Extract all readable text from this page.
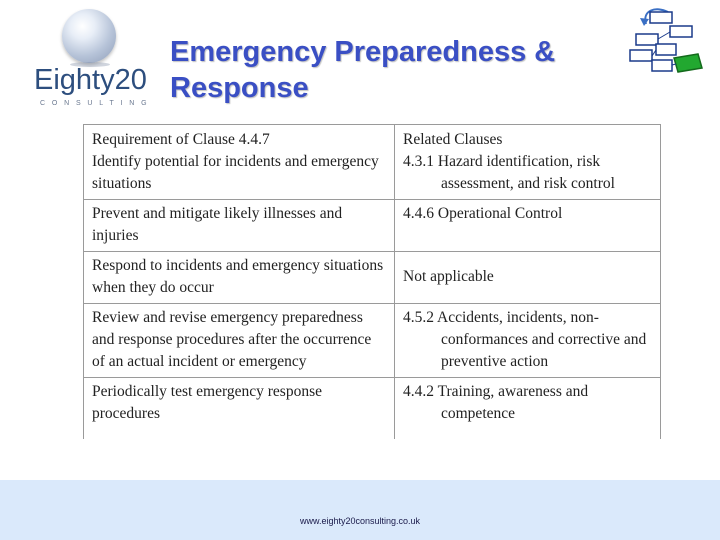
Eighty20
CONSULTING
Emergency Preparedness & Response
Requirement of Clause 4.4.7	Related Clauses
Identify potential for incidents and emergency situations	4.3.1 Hazard identification, risk assessment, and risk control

Prevent and mitigate likely illnesses and injuries	4.4.6 Operational Control

Respond to incidents and emergency situations when they do occur	Not applicable

Review and revise emergency preparedness and response procedures after the occurrence of an actual incident or emergency	4.5.2 Accidents, incidents, non-conformances and corrective and preventive action

Periodically test emergency response procedures	4.4.2 Training, awareness and competence
www.eighty20consulting.co.uk
